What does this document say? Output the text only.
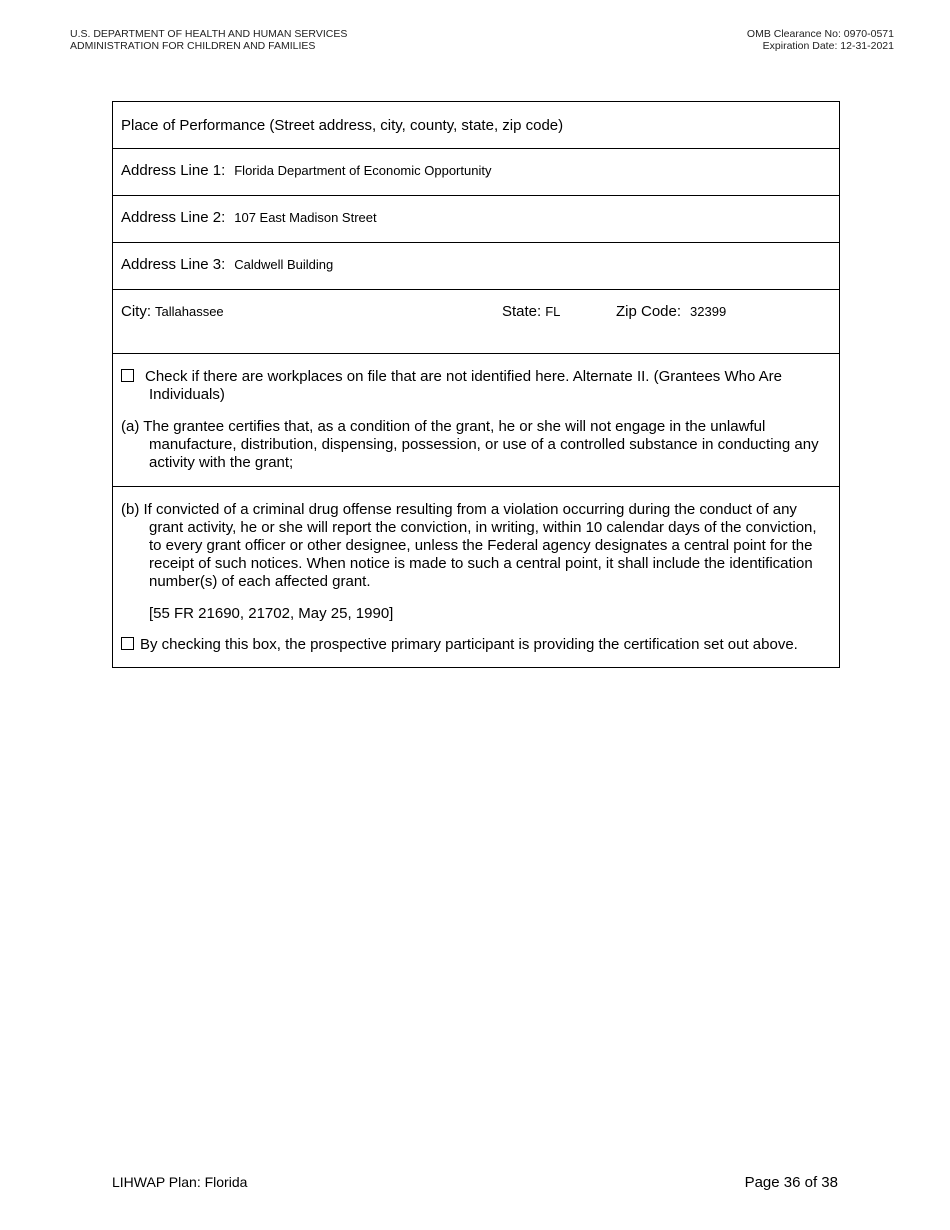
U.S. DEPARTMENT OF HEALTH AND HUMAN SERVICES
ADMINISTRATION FOR CHILDREN AND FAMILIES
OMB Clearance No: 0970-0571
Expiration Date: 12-31-2021
Place of Performance (Street address, city, county, state, zip code)
Address Line 1: Florida Department of Economic Opportunity
Address Line 2: 107 East Madison Street
Address Line 3: Caldwell Building
City: Tallahassee	State: FL	Zip Code: 32399
Check if there are workplaces on file that are not identified here. Alternate II. (Grantees Who Are Individuals)
(a) The grantee certifies that, as a condition of the grant, he or she will not engage in the unlawful manufacture, distribution, dispensing, possession, or use of a controlled substance in conducting any activity with the grant;
(b) If convicted of a criminal drug offense resulting from a violation occurring during the conduct of any grant activity, he or she will report the conviction, in writing, within 10 calendar days of the conviction, to every grant officer or other designee, unless the Federal agency designates a central point for the receipt of such notices. When notice is made to such a central point, it shall include the identification number(s) of each affected grant.
[55 FR 21690, 21702, May 25, 1990]
By checking this box, the prospective primary participant is providing the certification set out above.
LIHWAP Plan: Florida	Page 36 of 38
